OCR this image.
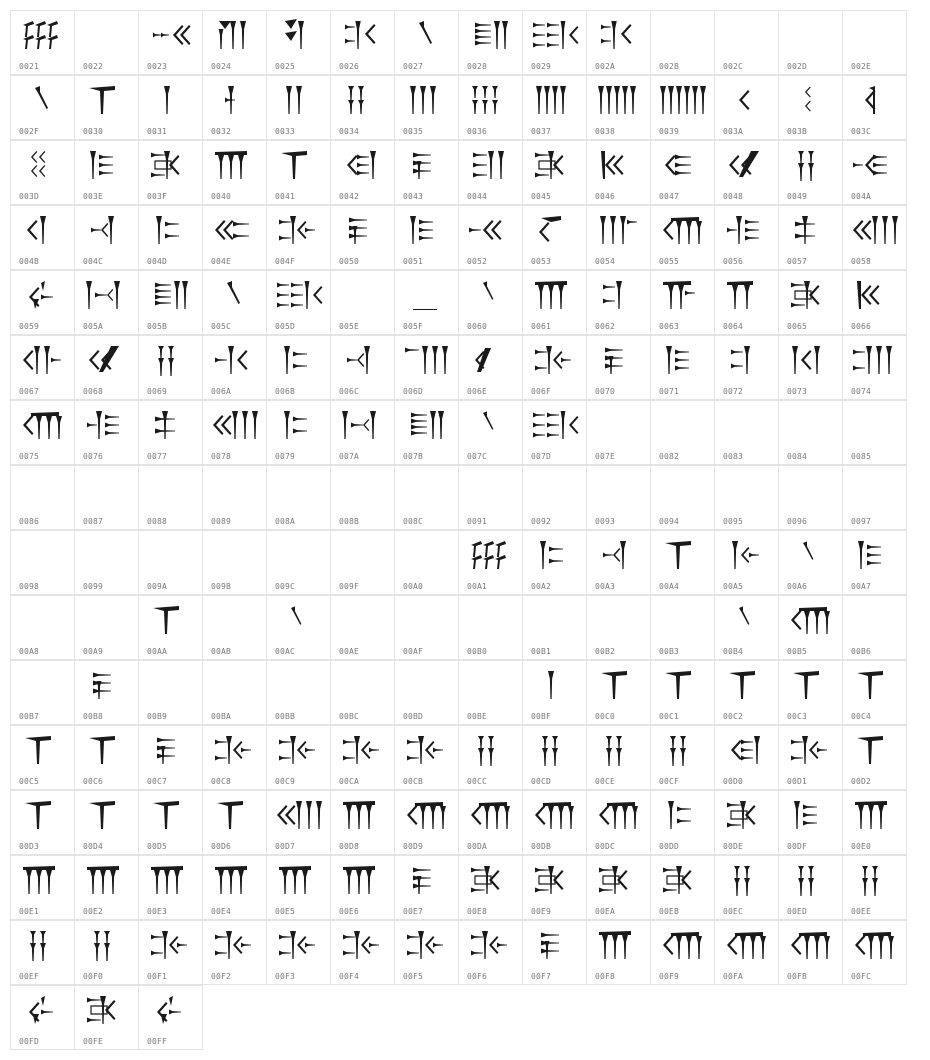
0021	0022	0023	0024	0025	0026	0027	0028	0029	002A	002B	002C	002D	002E
002F	0030	0031	0032	0033	0034	0035	0036	0037	0038	0039	003A	003B	003C
003D	003E	003F	0040	0041	0042	0043	0044	0045	0046	0047	0048	0049	004A
004B	004C	004D	004E	004F	0050	0051	0052	0053	0054	0055	0056	0057	0058
0059	005A	005B	005C	005D	005E	005F	0060	0061	0062	0063	0064	0065	0066
0067	0068	0069	006A	006B	006C	006D	006E	006F	0070	0071	0072	0073	0074
0075	0076	0077	0078	0079	007A	007B	007C	007D	007E	0082	0083	0084	0085
0086	0087	0088	0089	008A	008B	008C	0091	0092	0093	0094	0095	0096	0097
0098	0099	009A	009B	009C	009F	00A0	00A1	00A2	00A3	00A4	00A5	00A6	00A7
00A8	00A9	00AA	00AB	00AC	00AE	00AF	00B0	00B1	00B2	00B3	00B4	00B5	00B6
00B7	00B8	00B9	00BA	00BB	00BC	00BD	00BE	00BF	00C0	00C1	00C2	00C3	00C4
00C5	00C6	00C7	00C8	00C9	00CA	00CB	00CC	00CD	00CE	00CF	00D0	00D1	00D2
00D3	00D4	00D5	00D6	00D7	00D8	00D9	00DA	00DB	00DC	00DD	00DE	00DF	00E0
00E1	00E2	00E3	00E4	00E5	00E6	00E7	00E8	00E9	00EA	00EB	00EC	00ED	00EE
00EF	00F0	00F1	00F2	00F3	00F4	00F5	00F6	00F7	00F8	00F9	00FA	00FB	00FC
00FD	00FE	00FF
